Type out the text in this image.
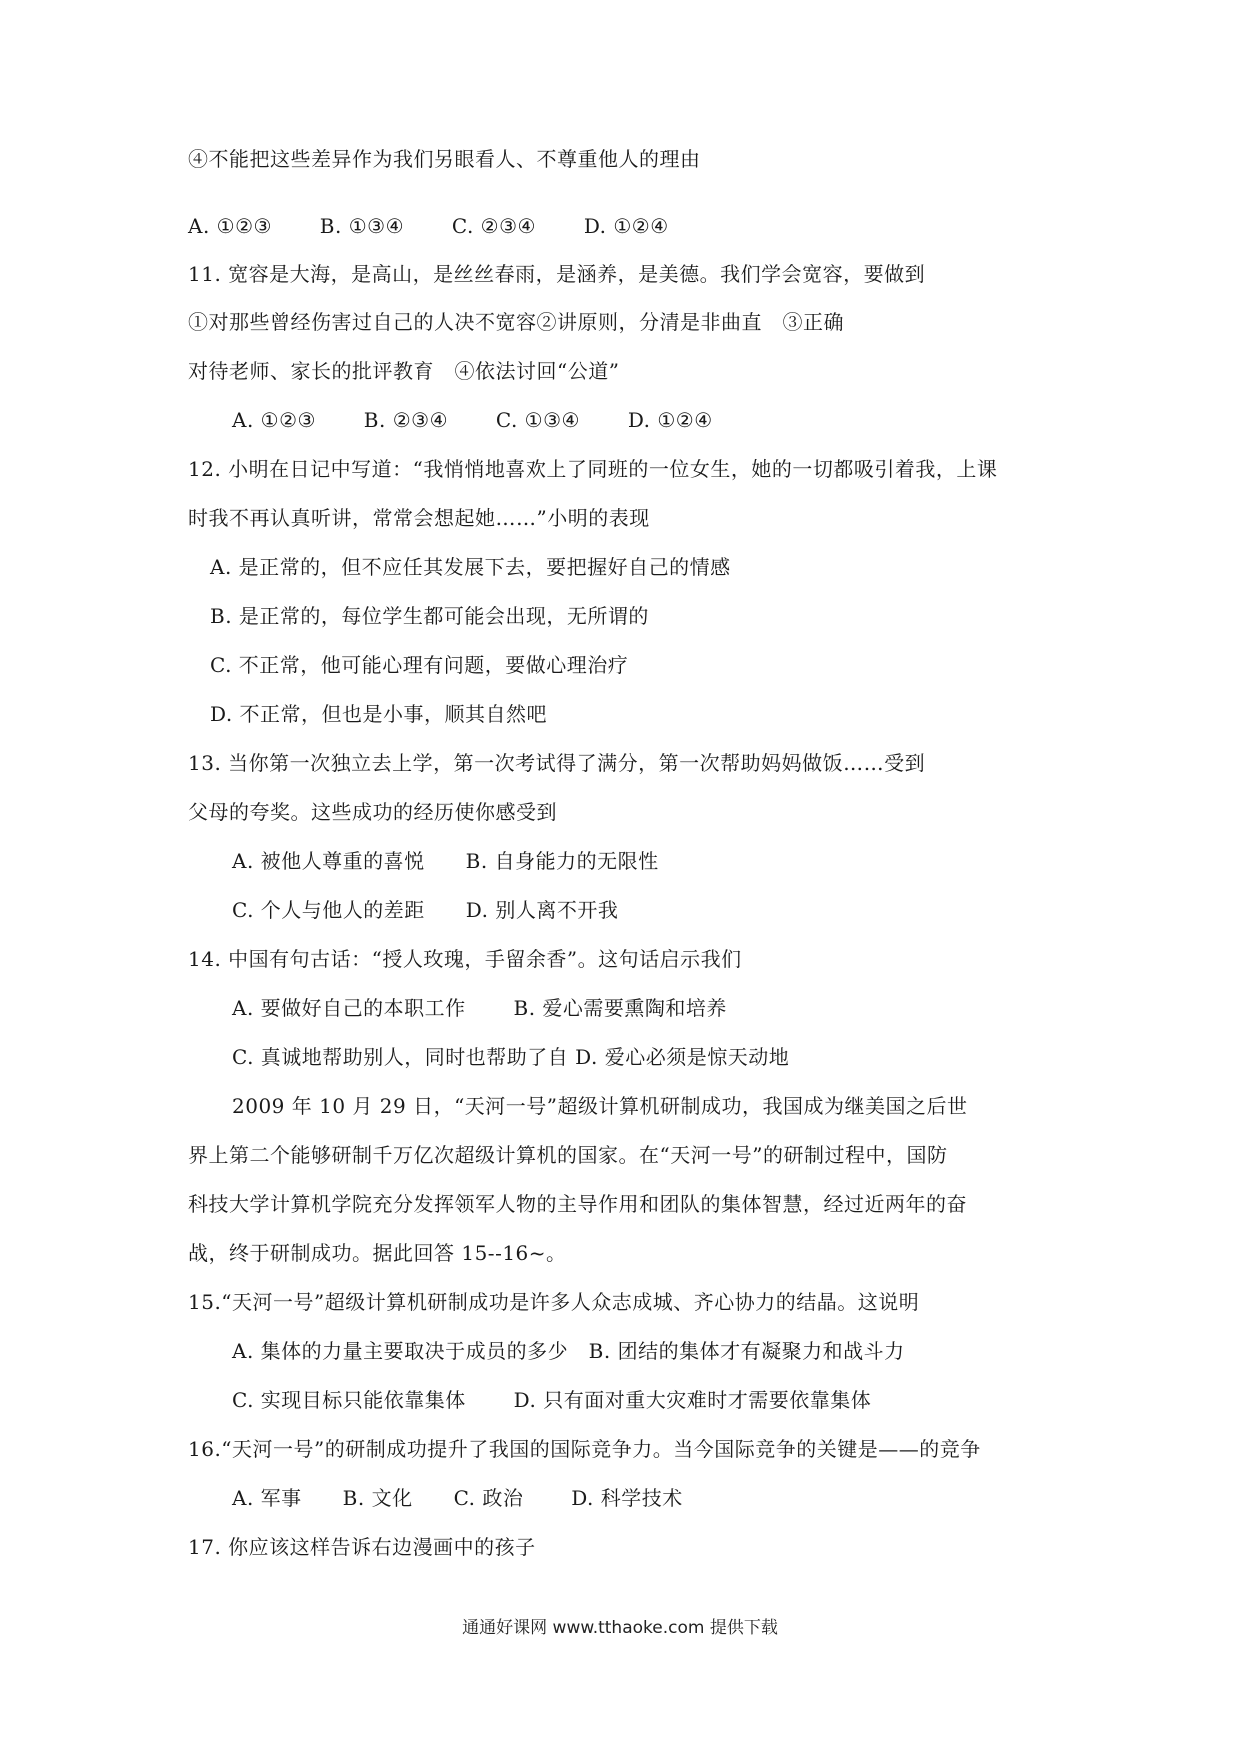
④不能把这些差异作为我们另眼看人、不尊重他人的理由
A. ①②③　　 B. ①③④　　 C. ②③④　　 D. ①②④
11. 宽容是大海，是高山，是丝丝春雨，是涵养，是美德。我们学会宽容，要做到
①对那些曾经伤害过自己的人决不宽容②讲原则，分清是非曲直　③正确
对待老师、家长的批评教育　④依法讨回“公道”
A. ①②③　　 B. ②③④　　 C. ①③④　　 D. ①②④
12. 小明在日记中写道：“我悄悄地喜欢上了同班的一位女生，她的一切都吸引着我，上课
时我不再认真听讲，常常会想起她……”小明的表现
A. 是正常的，但不应任其发展下去，要把握好自己的情感
B. 是正常的，每位学生都可能会出现，无所谓的
C. 不正常，他可能心理有问题，要做心理治疗
D. 不正常，但也是小事，顺其自然吧
13. 当你第一次独立去上学，第一次考试得了满分，第一次帮助妈妈做饭……受到
父母的夸奖。这些成功的经历使你感受到
A. 被他人尊重的喜悦　　B. 自身能力的无限性
C. 个人与他人的差距　　D. 别人离不开我
14. 中国有句古话：“授人玫瑰，手留余香”。这句话启示我们
A. 要做好自己的本职工作　　 B. 爱心需要熏陶和培养
C. 真诚地帮助别人，同时也帮助了自 D. 爱心必须是惊天动地
2009 年 10 月 29 日，“天河一号”超级计算机研制成功，我国成为继美国之后世
界上第二个能够研制千万亿次超级计算机的国家。在“天河一号”的研制过程中，国防
科技大学计算机学院充分发挥领军人物的主导作用和团队的集体智慧，经过近两年的奋
战，终于研制成功。据此回答 15--16~。
15.“天河一号”超级计算机研制成功是许多人众志成城、齐心协力的结晶。这说明
A. 集体的力量主要取决于成员的多少　B. 团结的集体才有凝聚力和战斗力
C. 实现目标只能依靠集体　　 D. 只有面对重大灾难时才需要依靠集体
16.“天河一号”的研制成功提升了我国的国际竞争力。当今国际竞争的关键是——的竞争
A. 军事　　B. 文化　　C. 政治　　 D. 科学技术
17. 你应该这样告诉右边漫画中的孩子
通通好课网 www.tthaoke.com 提供下载
